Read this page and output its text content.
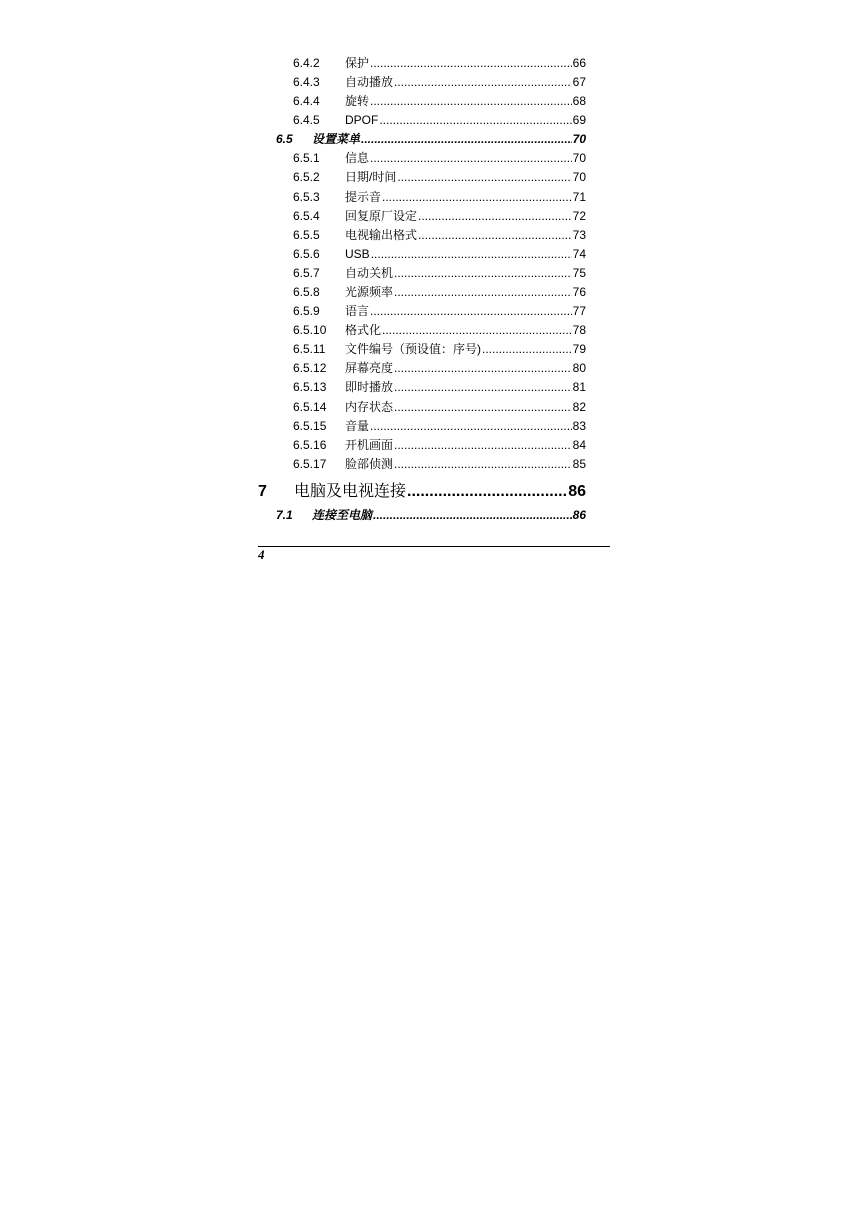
6.4.2	保护 .....	66
6.4.3	自动播放 .....	67
6.4.4	旋转 .....	68
6.4.5	DPOF .....	69
6.5	设置菜单 .....	70
6.5.1	信息 .....	70
6.5.2	日期/时间 .....	70
6.5.3	提示音 .....	71
6.5.4	回复原厂设定 .....	72
6.5.5	电视输出格式 .....	73
6.5.6	USB .....	74
6.5.7	自动关机 .....	75
6.5.8	光源频率 .....	76
6.5.9	语言 .....	77
6.5.10	格式化 .....	78
6.5.11	文件编号（预设值：序号) .....	79
6.5.12	屏幕亮度 .....	80
6.5.13	即时播放 .....	81
6.5.14	内存状态 .....	82
6.5.15	音量 .....	83
6.5.16	开机画面 .....	84
6.5.17	脸部侦测 .....	85
7	电脑及电视连接 .....	86
7.1	连接至电脑 .....	86
4
